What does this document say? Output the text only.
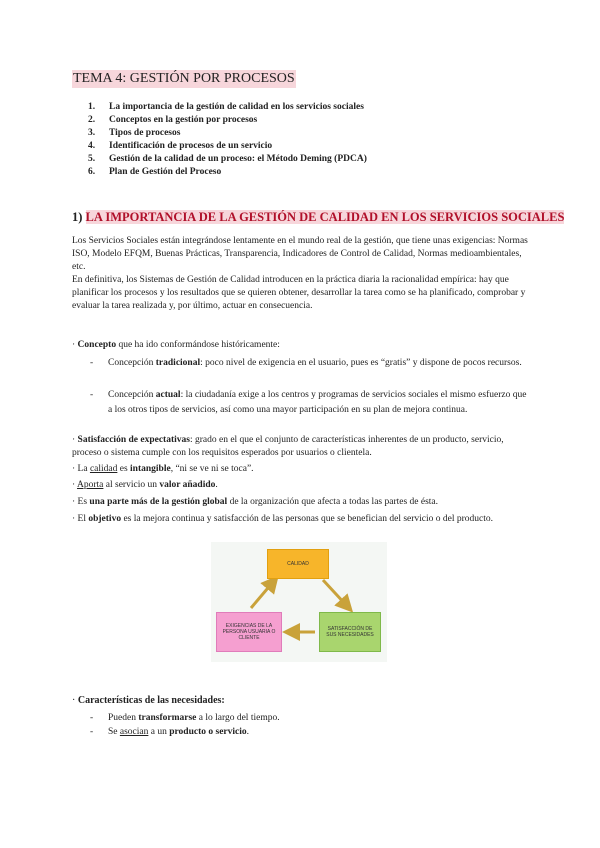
TEMA 4: GESTIÓN POR PROCESOS
1. La importancia de la gestión de calidad en los servicios sociales
2. Conceptos en la gestión por procesos
3. Tipos de procesos
4. Identificación de procesos de un servicio
5. Gestión de la calidad de un proceso: el Método Deming (PDCA)
6. Plan de Gestión del Proceso
1) LA IMPORTANCIA DE LA GESTIÓN DE CALIDAD EN LOS SERVICIOS SOCIALES

Los Servicios Sociales están integrándose lentamente en el mundo real de la gestión, que tiene unas exigencias: Normas ISO, Modelo EFQM, Buenas Prácticas, Transparencia, Indicadores de Control de Calidad, Normas medioambientales, etc.

En definitiva, los Sistemas de Gestión de Calidad introducen en la práctica diaria la racionalidad empírica: hay que planificar los procesos y los resultados que se quieren obtener, desarrollar la tarea como se ha planificado, comprobar y evaluar la tarea realizada y, por último, actuar en consecuencia.

· Concepto que ha ido conformándose históricamente:
- Concepción tradicional: poco nivel de exigencia en el usuario, pues es “gratis” y dispone de pocos recursos.
- Concepción actual: la ciudadanía exige a los centros y programas de servicios sociales el mismo esfuerzo que a los otros tipos de servicios, así como una mayor participación en su plan de mejora continua.

· Satisfacción de expectativas: grado en el que el conjunto de características inherentes de un producto, servicio, proceso o sistema cumple con los requisitos esperados por usuarios o clientela.

· La calidad es intangible, “ni se ve ni se toca”.
· Aporta al servicio un valor añadido.
· Es una parte más de la gestión global de la organización que afecta a todas las partes de ésta.
· El objetivo es la mejora continua y satisfacción de las personas que se benefician del servicio o del producto.
CALIDAD
EXIGENCIAS DE LA PERSONA USUARIA O CLIENTE
SATISFACCIÓN DE SUS NECESIDADES
· Características de las necesidades:
- Pueden transformarse a lo largo del tiempo.
- Se asocian a un producto o servicio.
